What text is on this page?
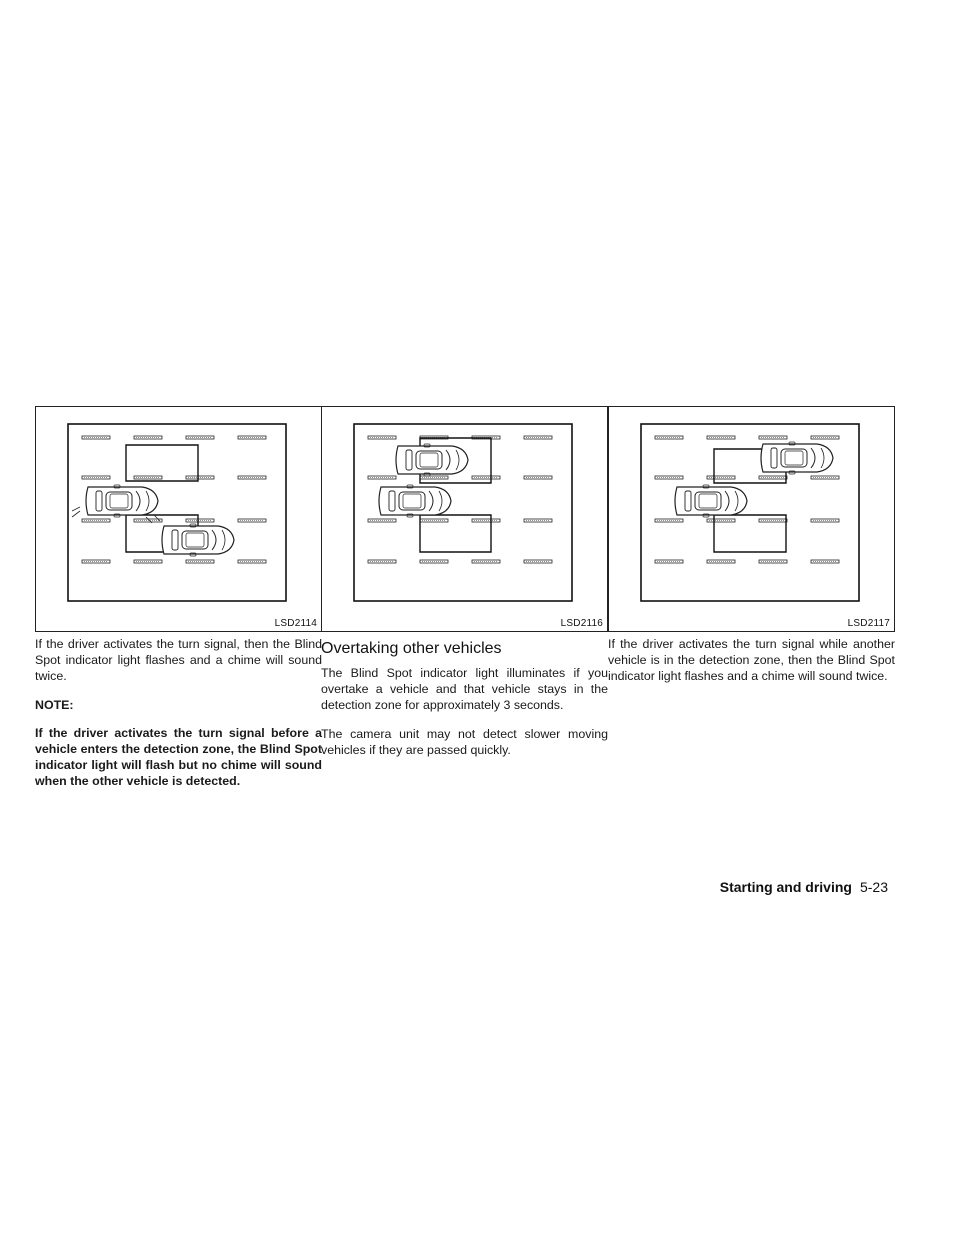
LSD2114

If the driver activates the turn signal, then the Blind Spot indicator light flashes and a chime will sound twice.

NOTE:

If the driver activates the turn signal before a vehicle enters the detection zone, the Blind Spot indicator light will flash but no chime will sound when the other vehicle is detected.

LSD2116
Overtaking other vehicles

The Blind Spot indicator light illuminates if you overtake a vehicle and that vehicle stays in the detection zone for approximately 3 seconds.

The camera unit may not detect slower moving vehicles if they are passed quickly.

LSD2117

If the driver activates the turn signal while another vehicle is in the detection zone, then the Blind Spot indicator light flashes and a chime will sound twice.

Starting and driving 5-23
